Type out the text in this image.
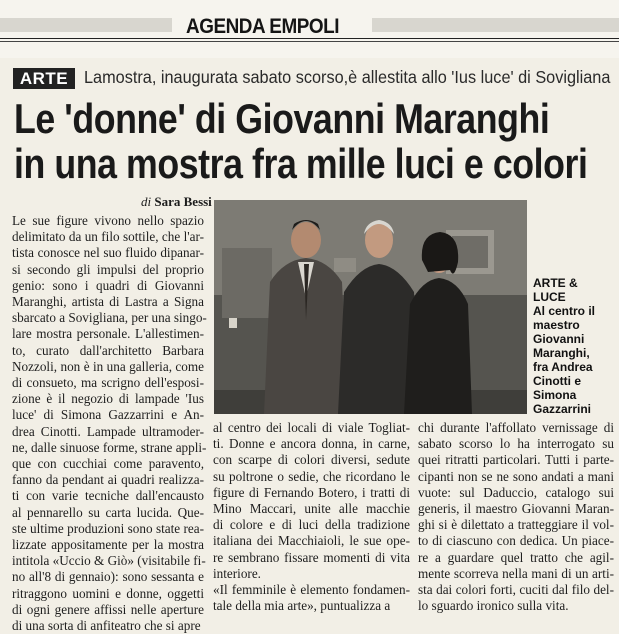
AGENDA EMPOLI
ARTE Lamostra, inaugurata sabato scorso,è allestita allo 'Ius luce' di Sovigliana
Le 'donne' di Giovanni Maranghi
in una mostra fra mille luci e colori
di Sara Bessi
Le sue figure vivono nello spazio
delimitato da un filo sottile, che l'ar-
tista conosce nel suo fluido dipanar-
si secondo gli impulsi del proprio
genio: sono i quadri di Giovanni
Maranghi, artista di Lastra a Signa
sbarcato a Sovigliana, per una singo-
lare mostra personale. L'allestimen-
to, curato dall'architetto Barbara
Nozzoli, non è in una galleria, come
di consueto, ma scrigno dell'esposi-
zione è il negozio di lampade 'Ius
luce' di Simona Gazzarrini e An-
drea Cinotti. Lampade ultramoder-
ne, dalle sinuose forme, strane appli-
que con cucchiai come paravento,
fanno da pendant ai quadri realizza-
ti con varie tecniche dall'encausto
al pennarello su carta lucida. Que-
ste ultime produzioni sono state rea-
lizzate appositamente per la mostra
intitola «Uccio & Giò» (visitabile fi-
no all'8 di gennaio): sono sessanta e
ritraggono uomini e donne, oggetti
di ogni genere affissi nelle aperture
di una sorta di anfiteatro che si apre
al centro dei locali di viale Togliat-
ti. Donne e ancora donna, in carne,
con scarpe di colori diversi, sedute
su poltrone o sedie, che ricordano le
figure di Fernando Botero, i tratti di
Mino Maccari, unite alle macchie
di colore e di luci della tradizione
italiana dei Macchiaioli, le sue ope-
re sembrano fissare momenti di vita
interiore.
«Il femminile è elemento fondamen-
tale della mia arte», puntualizza a
chi durante l'affollato vernissage di
sabato scorso lo ha interrogato su
quei ritratti particolari. Tutti i parte-
cipanti non se ne sono andati a mani
vuote: sul Daduccio, catalogo sui
generis, il maestro Giovanni Maran-
ghi si è dilettato a tratteggiare il vol-
to di ciascuno con dedica. Un piace-
re a guardare quel tratto che agil-
mente scorreva nella mani di un arti-
sta dai colori forti, cuciti dal filo del-
lo sguardo ironico sulla vita.
ARTE &
LUCE
Al centro il
maestro
Giovanni
Maranghi,
fra Andrea
Cinotti e
Simona
Gazzarrini
